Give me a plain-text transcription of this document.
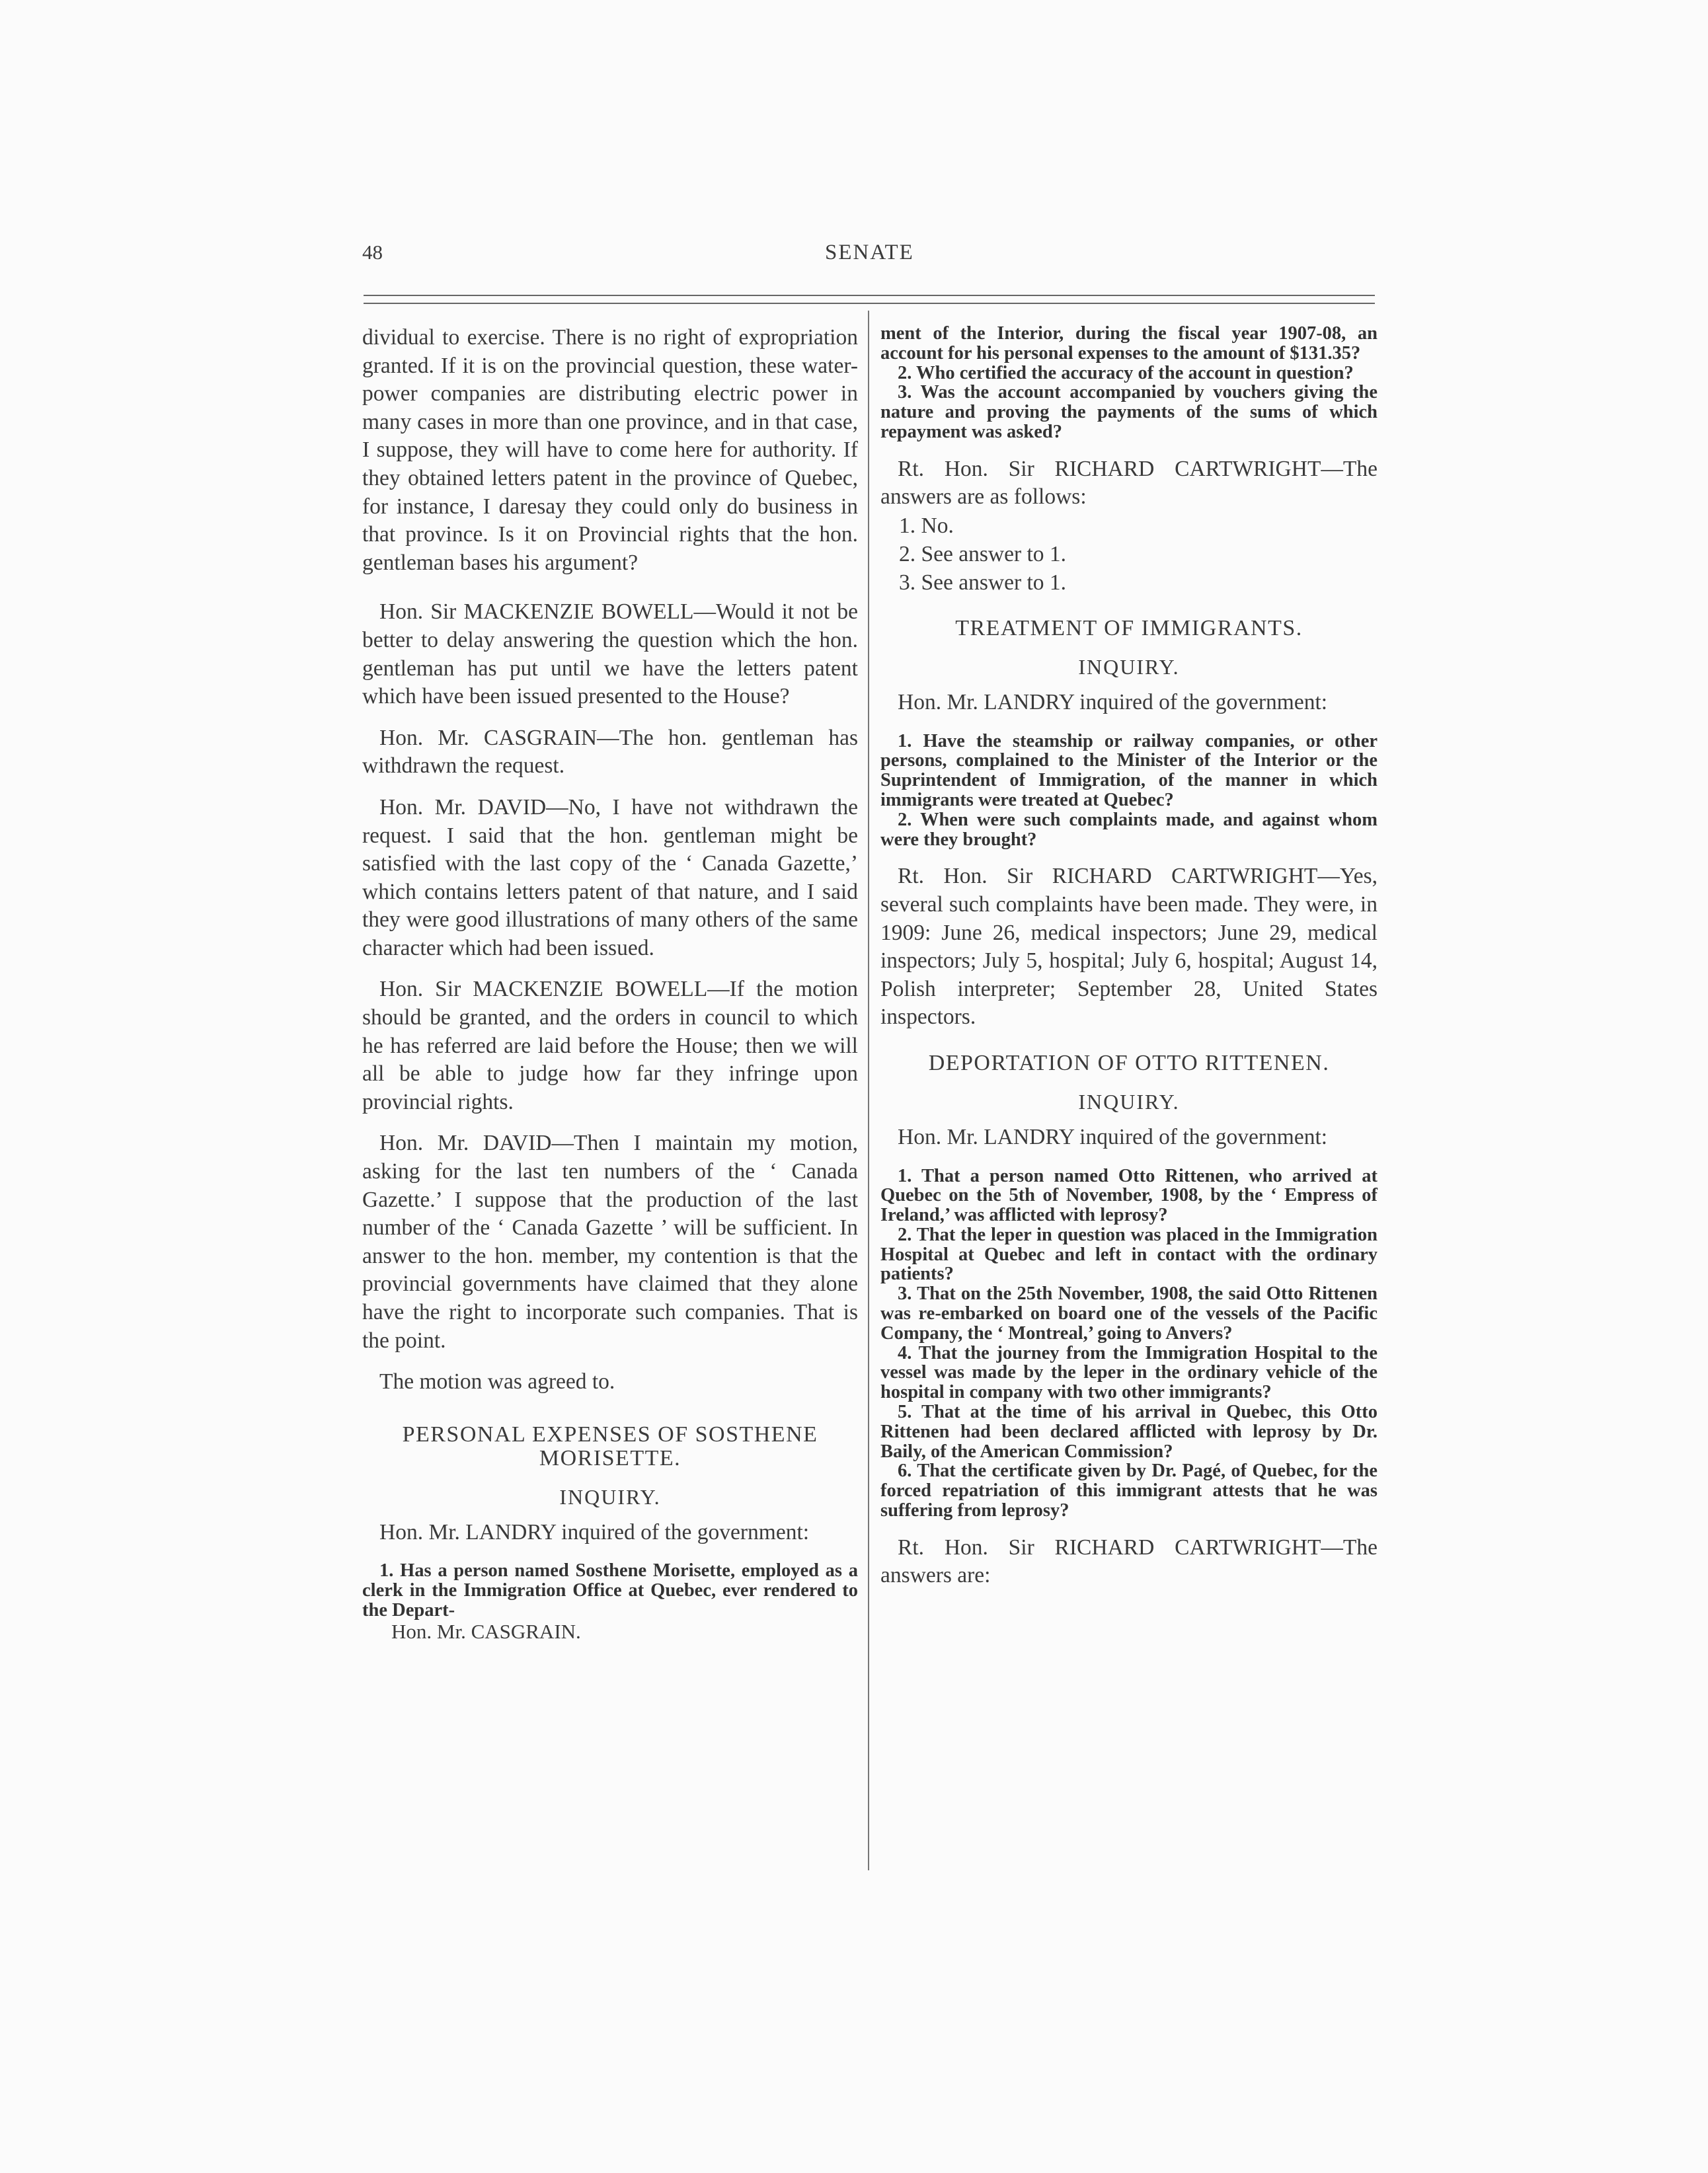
48	SENATE

dividual to exercise. There is no right of expropriation granted. If it is on the provincial question, these water-power companies are distributing electric power in many cases in more than one province, and in that case, I suppose, they will have to come here for authority. If they obtained letters patent in the province of Quebec, for instance, I daresay they could only do business in that province. Is it on Provincial rights that the hon. gentleman bases his argument?

Hon. Sir MACKENZIE BOWELL—Would it not be better to delay answering the question which the hon. gentleman has put until we have the letters patent which have been issued presented to the House?

Hon. Mr. CASGRAIN—The hon. gentleman has withdrawn the request.

Hon. Mr. DAVID—No, I have not withdrawn the request. I said that the hon. gentleman might be satisfied with the last copy of the ‘ Canada Gazette,’ which contains letters patent of that nature, and I said they were good illustrations of many others of the same character which had been issued.

Hon. Sir MACKENZIE BOWELL—If the motion should be granted, and the orders in council to which he has referred are laid before the House; then we will all be able to judge how far they infringe upon provincial rights.

Hon. Mr. DAVID—Then I maintain my motion, asking for the last ten numbers of the ‘ Canada Gazette.’ I suppose that the production of the last number of the ‘ Canada Gazette ’ will be sufficient. In answer to the hon. member, my contention is that the provincial governments have claimed that they alone have the right to incorporate such companies. That is the point.

The motion was agreed to.

PERSONAL EXPENSES OF SOSTHENE MORISETTE.

INQUIRY.

Hon. Mr. LANDRY inquired of the government:

1. Has a person named Sosthene Morisette, employed as a clerk in the Immigration Office at Quebec, ever rendered to the Depart-

Hon. Mr. CASGRAIN.

ment of the Interior, during the fiscal year 1907-08, an account for his personal expenses to the amount of $131.35?

2. Who certified the accuracy of the account in question?

3. Was the account accompanied by vouchers giving the nature and proving the payments of the sums of which repayment was asked?

Rt. Hon. Sir RICHARD CARTWRIGHT—The answers are as follows:

1. No.

2. See answer to 1.

3. See answer to 1.

TREATMENT OF IMMIGRANTS.

INQUIRY.

Hon. Mr. LANDRY inquired of the government:

1. Have the steamship or railway companies, or other persons, complained to the Minister of the Interior or the Suprintendent of Immigration, of the manner in which immigrants were treated at Quebec?

2. When were such complaints made, and against whom were they brought?

Rt. Hon. Sir RICHARD CARTWRIGHT—Yes, several such complaints have been made. They were, in 1909: June 26, medical inspectors; June 29, medical inspectors; July 5, hospital; July 6, hospital; August 14, Polish interpreter; September 28, United States inspectors.

DEPORTATION OF OTTO RITTENEN.

INQUIRY.

Hon. Mr. LANDRY inquired of the government:

1. That a person named Otto Rittenen, who arrived at Quebec on the 5th of November, 1908, by the ‘ Empress of Ireland,’ was afflicted with leprosy?

2. That the leper in question was placed in the Immigration Hospital at Quebec and left in contact with the ordinary patients?

3. That on the 25th November, 1908, the said Otto Rittenen was re-embarked on board one of the vessels of the Pacific Company, the ‘ Montreal,’ going to Anvers?

4. That the journey from the Immigration Hospital to the vessel was made by the leper in the ordinary vehicle of the hospital in company with two other immigrants?

5. That at the time of his arrival in Quebec, this Otto Rittenen had been declared afflicted with leprosy by Dr. Baily, of the American Commission?

6. That the certificate given by Dr. Pagé, of Quebec, for the forced repatriation of this immigrant attests that he was suffering from leprosy?

Rt. Hon. Sir RICHARD CARTWRIGHT—The answers are:
